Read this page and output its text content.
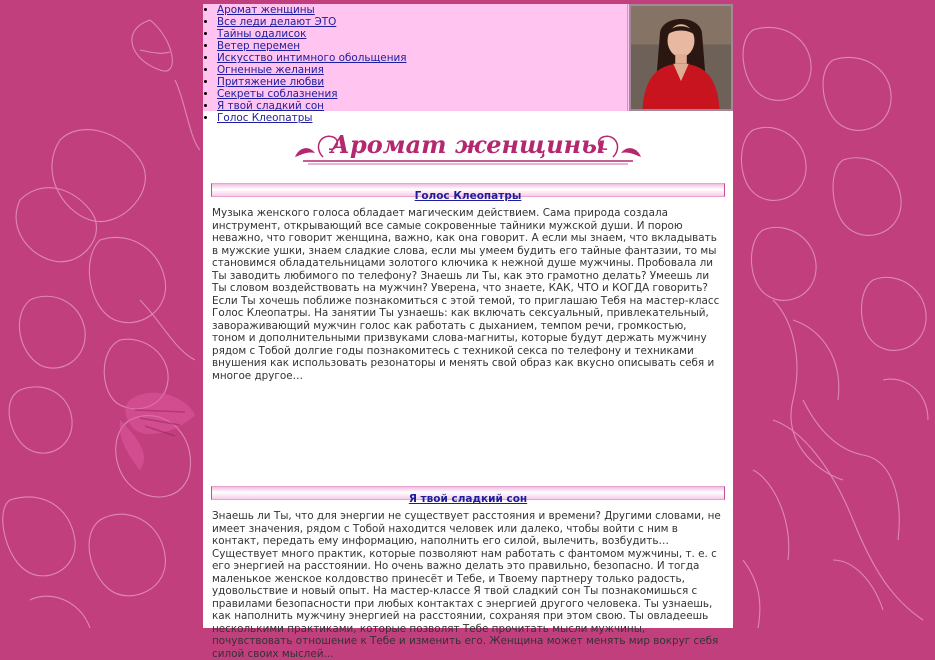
• Аромат женщины
• Все леди делают ЭТО
• Тайны одалисок
• Ветер перемен
• Искусство интимного обольщения
• Огненные желания
• Притяжение любви
• Секреты соблазнения
• Я твой сладкий сон
• Голос Клеопатры
Аромат женщины
Голос Клеопатры

Музыка женского голоса обладает магическим действием. Сама природа создала инструмент, открывающий все самые сокровенные тайники мужской души. И порою неважно, что говорит женщина, важно, как она говорит. А если мы знаем, что вкладывать в мужские ушки, знаем сладкие слова, если мы умеем будить его тайные фантазии, то мы становимся обладательницами золотого ключика к нежной душе мужчины. Пробовала ли Ты заводить любимого по телефону? Знаешь ли Ты, как это грамотно делать? Умеешь ли Ты словом воздействовать на мужчин? Уверена, что знаете, КАК, ЧТО и КОГДА говорить? Если Ты хочешь поближе познакомиться с этой темой, то приглашаю Тебя на мастер-класс Голос Клеопатры. На занятии Ты узнаешь: как включать сексуальный, привлекательный, завораживающий мужчин голос как работать с дыханием, темпом речи, громкостью, тоном и дополнительными призвуками слова-магниты, которые будут держать мужчину рядом с Тобой долгие годы познакомитесь с техникой секса по телефону и техниками внушения как использовать резонаторы и менять свой образ как вкусно описывать себя и многое другое…

Я твой сладкий сон

Знаешь ли Ты, что для энергии не существует расстояния и времени? Другими словами, не имеет значения, рядом с Тобой находится человек или далеко, чтобы войти с ним в контакт, передать ему информацию, наполнить его силой, вылечить, возбудить… Существует много практик, которые позволяют нам работать с фантомом мужчины, т. е. с его энергией на расстоянии. Но очень важно делать это правильно, безопасно. И тогда маленькое женское колдовство принесёт и Тебе, и Твоему партнеру только радость, удовольствие и новый опыт. На мастер-классе Я твой сладкий сон Ты познакомишься с правилами безопасности при любых контактах с энергией другого человека. Ты узнаешь, как наполнить мужчину энергией на расстоянии, сохраняя при этом свою. Ты овладеешь несколькими практиками, которые позволят Тебе прочитать мысли мужчины, почувствовать отношение к Тебе и изменить его. Женщина может менять мир вокруг себя силой своих мыслей...
